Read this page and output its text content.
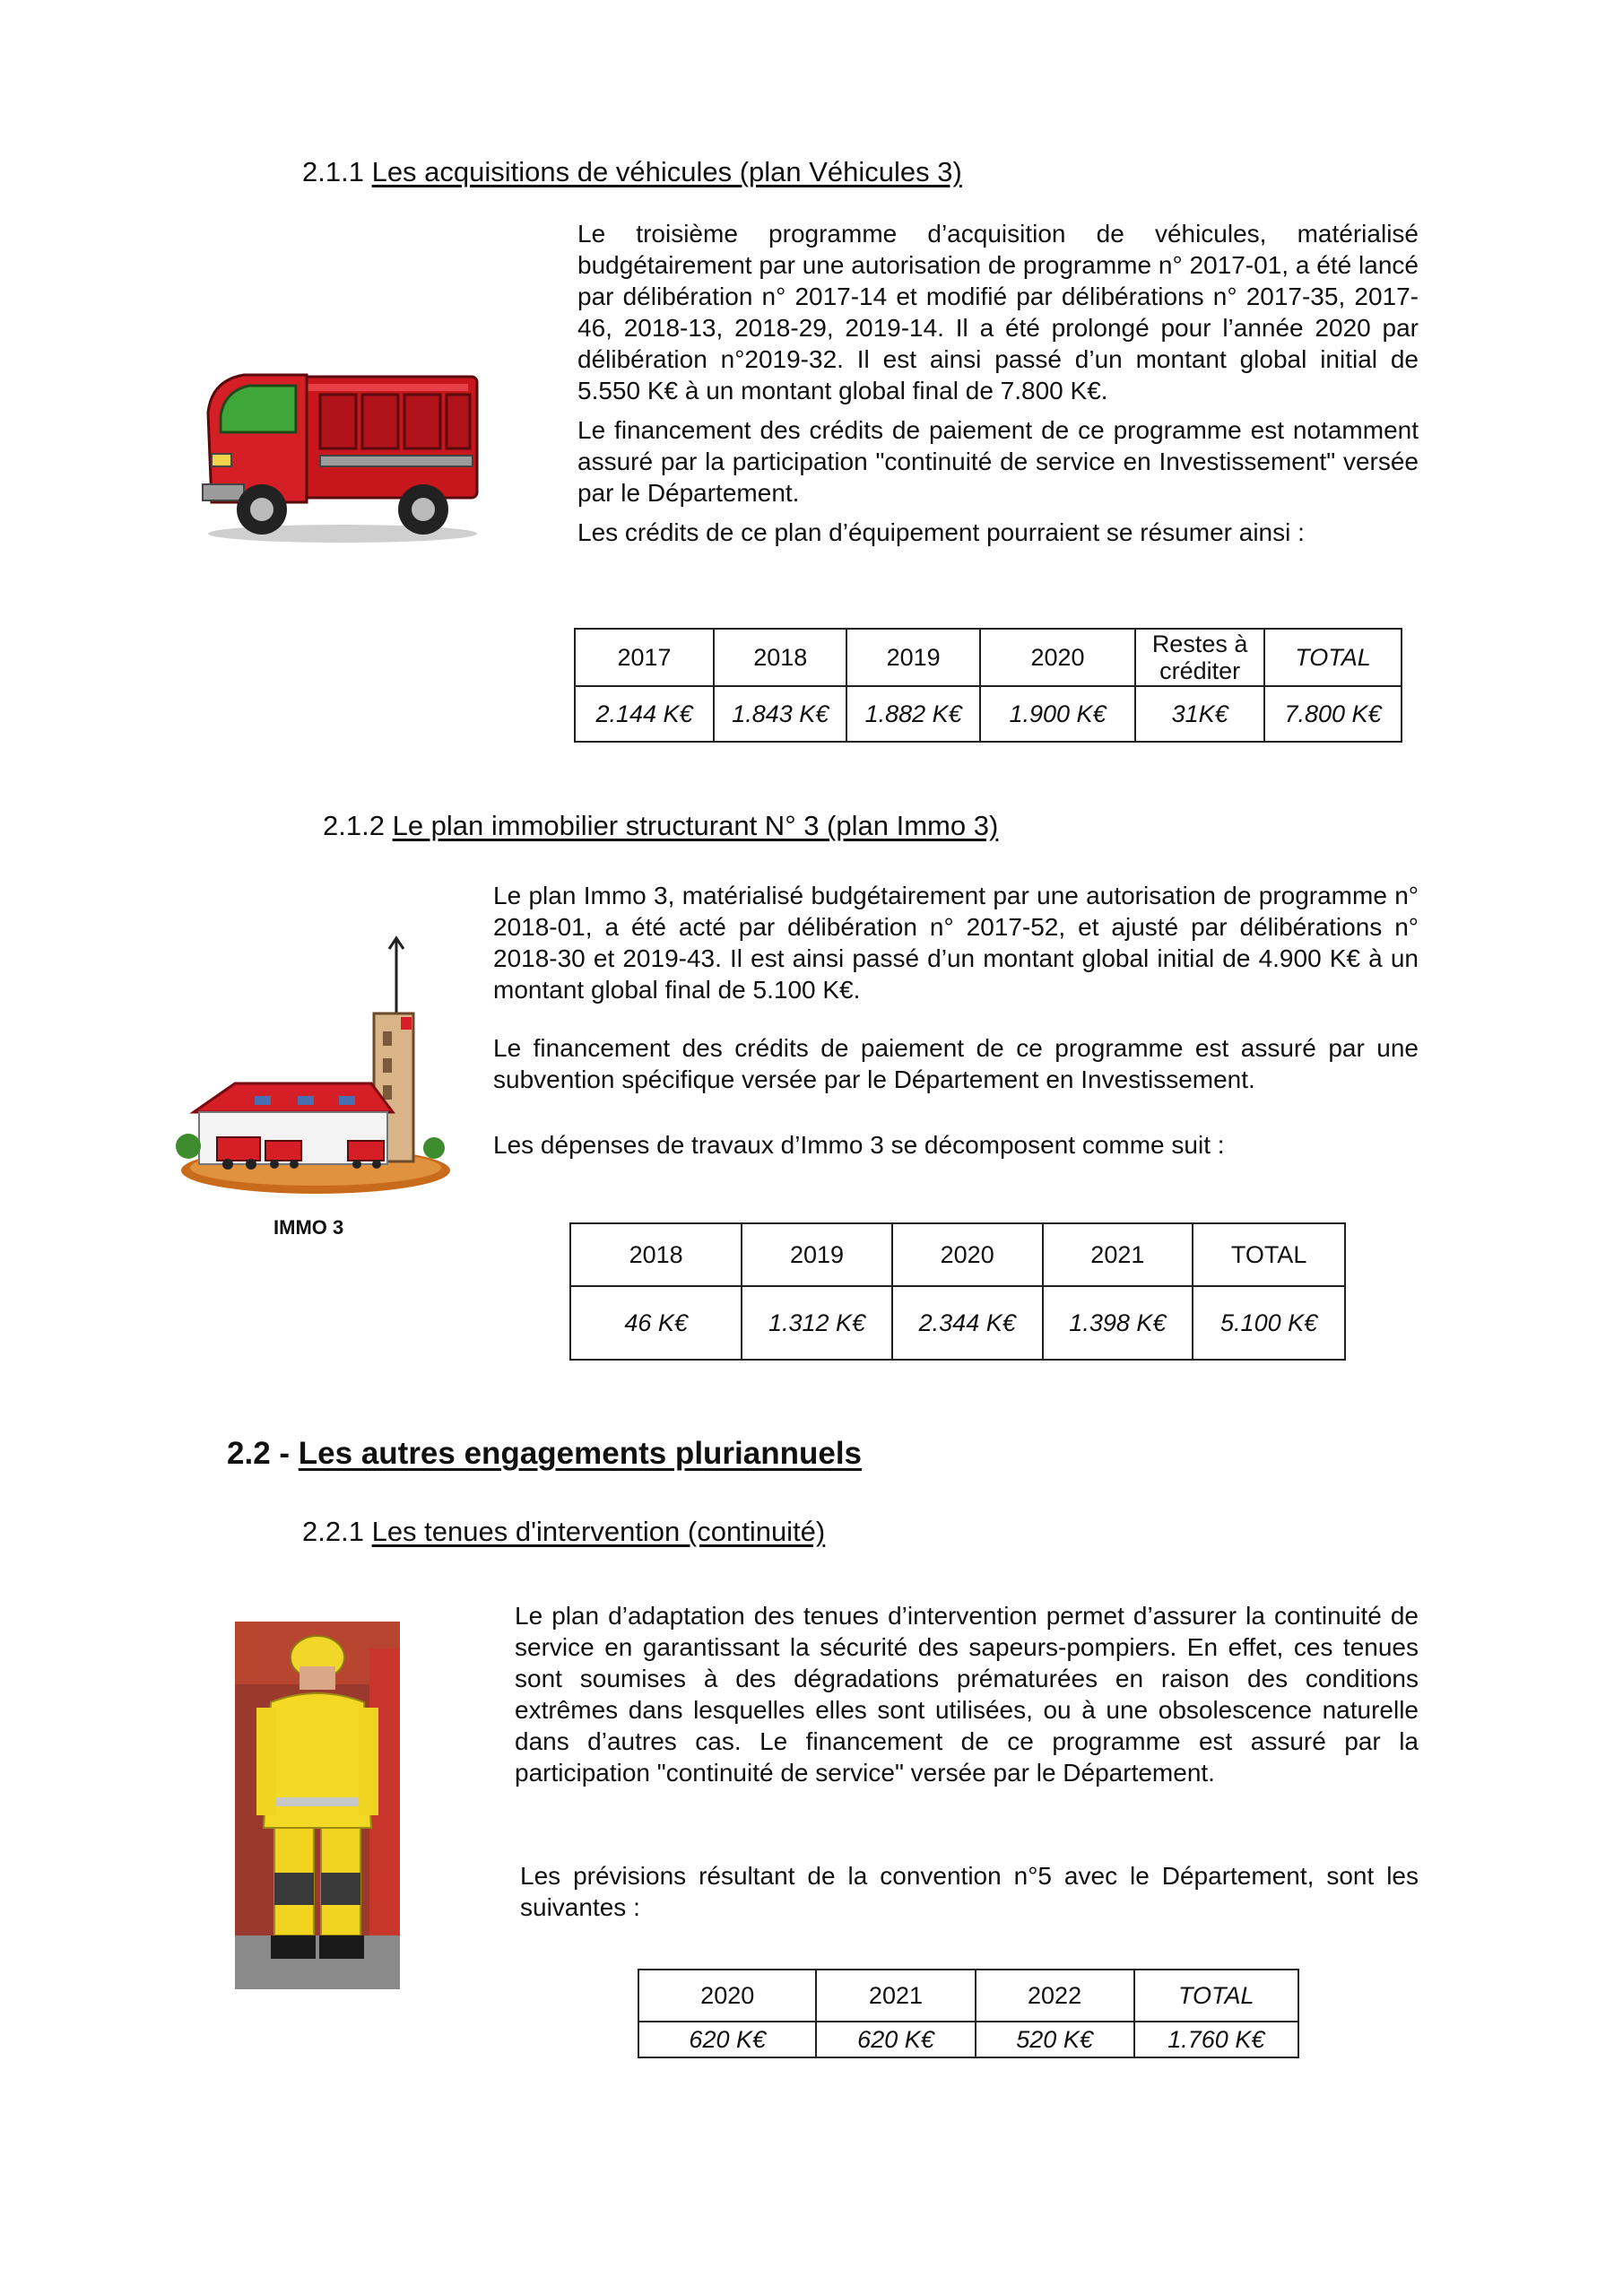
2.1.1 Les acquisitions de véhicules (plan Véhicules 3)

Le troisième programme d’acquisition de véhicules, matérialisé budgétairement par une autorisation de programme n° 2017-01, a été lancé par délibération n° 2017-14 et modifié par délibérations n° 2017-35, 2017-46, 2018-13, 2018-29, 2019-14. Il a été prolongé pour l’année 2020 par délibération n°2019-32. Il est ainsi passé d’un montant global initial de 5.550 K€ à un montant global final de 7.800 K€.

Le financement des crédits de paiement de ce programme est notamment assuré par la participation "continuité de service en Investissement" versée par le Département.

Les crédits de ce plan d’équipement pourraient se résumer ainsi :

2017	2018	2019	2020	Restes à créditer	TOTAL
2.144 K€	1.843 K€	1.882 K€	1.900 K€	31K€	7.800 K€
2.1.2 Le plan immobilier structurant N° 3 (plan Immo 3)
IMMO 3

Le plan Immo 3, matérialisé budgétairement par une autorisation de programme n° 2018-01, a été acté par délibération n° 2017-52, et ajusté par délibérations n° 2018-30 et 2019-43. Il est ainsi passé d’un montant global initial de 4.900 K€ à un montant global final de 5.100 K€.

Le financement des crédits de paiement de ce programme est assuré par une subvention spécifique versée par le Département en Investissement.

Les dépenses de travaux d’Immo 3 se décomposent comme suit :

2018	2019	2020	2021	TOTAL
46 K€	1.312 K€	2.344 K€	1.398 K€	5.100 K€
2.2 - Les autres engagements pluriannuels
2.2.1 Les tenues d'intervention (continuité)

Le plan d’adaptation des tenues d’intervention permet d’assurer la continuité de service en garantissant la sécurité des sapeurs-pompiers. En effet, ces tenues sont soumises à des dégradations prématurées en raison des conditions extrêmes dans lesquelles elles sont utilisées, ou à une obsolescence naturelle dans d’autres cas. Le financement de ce programme est assuré par la participation "continuité de service" versée par le Département.

Les prévisions résultant de la convention n°5 avec le Département, sont les suivantes :
2020	2021	2022	TOTAL
620 K€	620 K€	520 K€	1.760 K€
